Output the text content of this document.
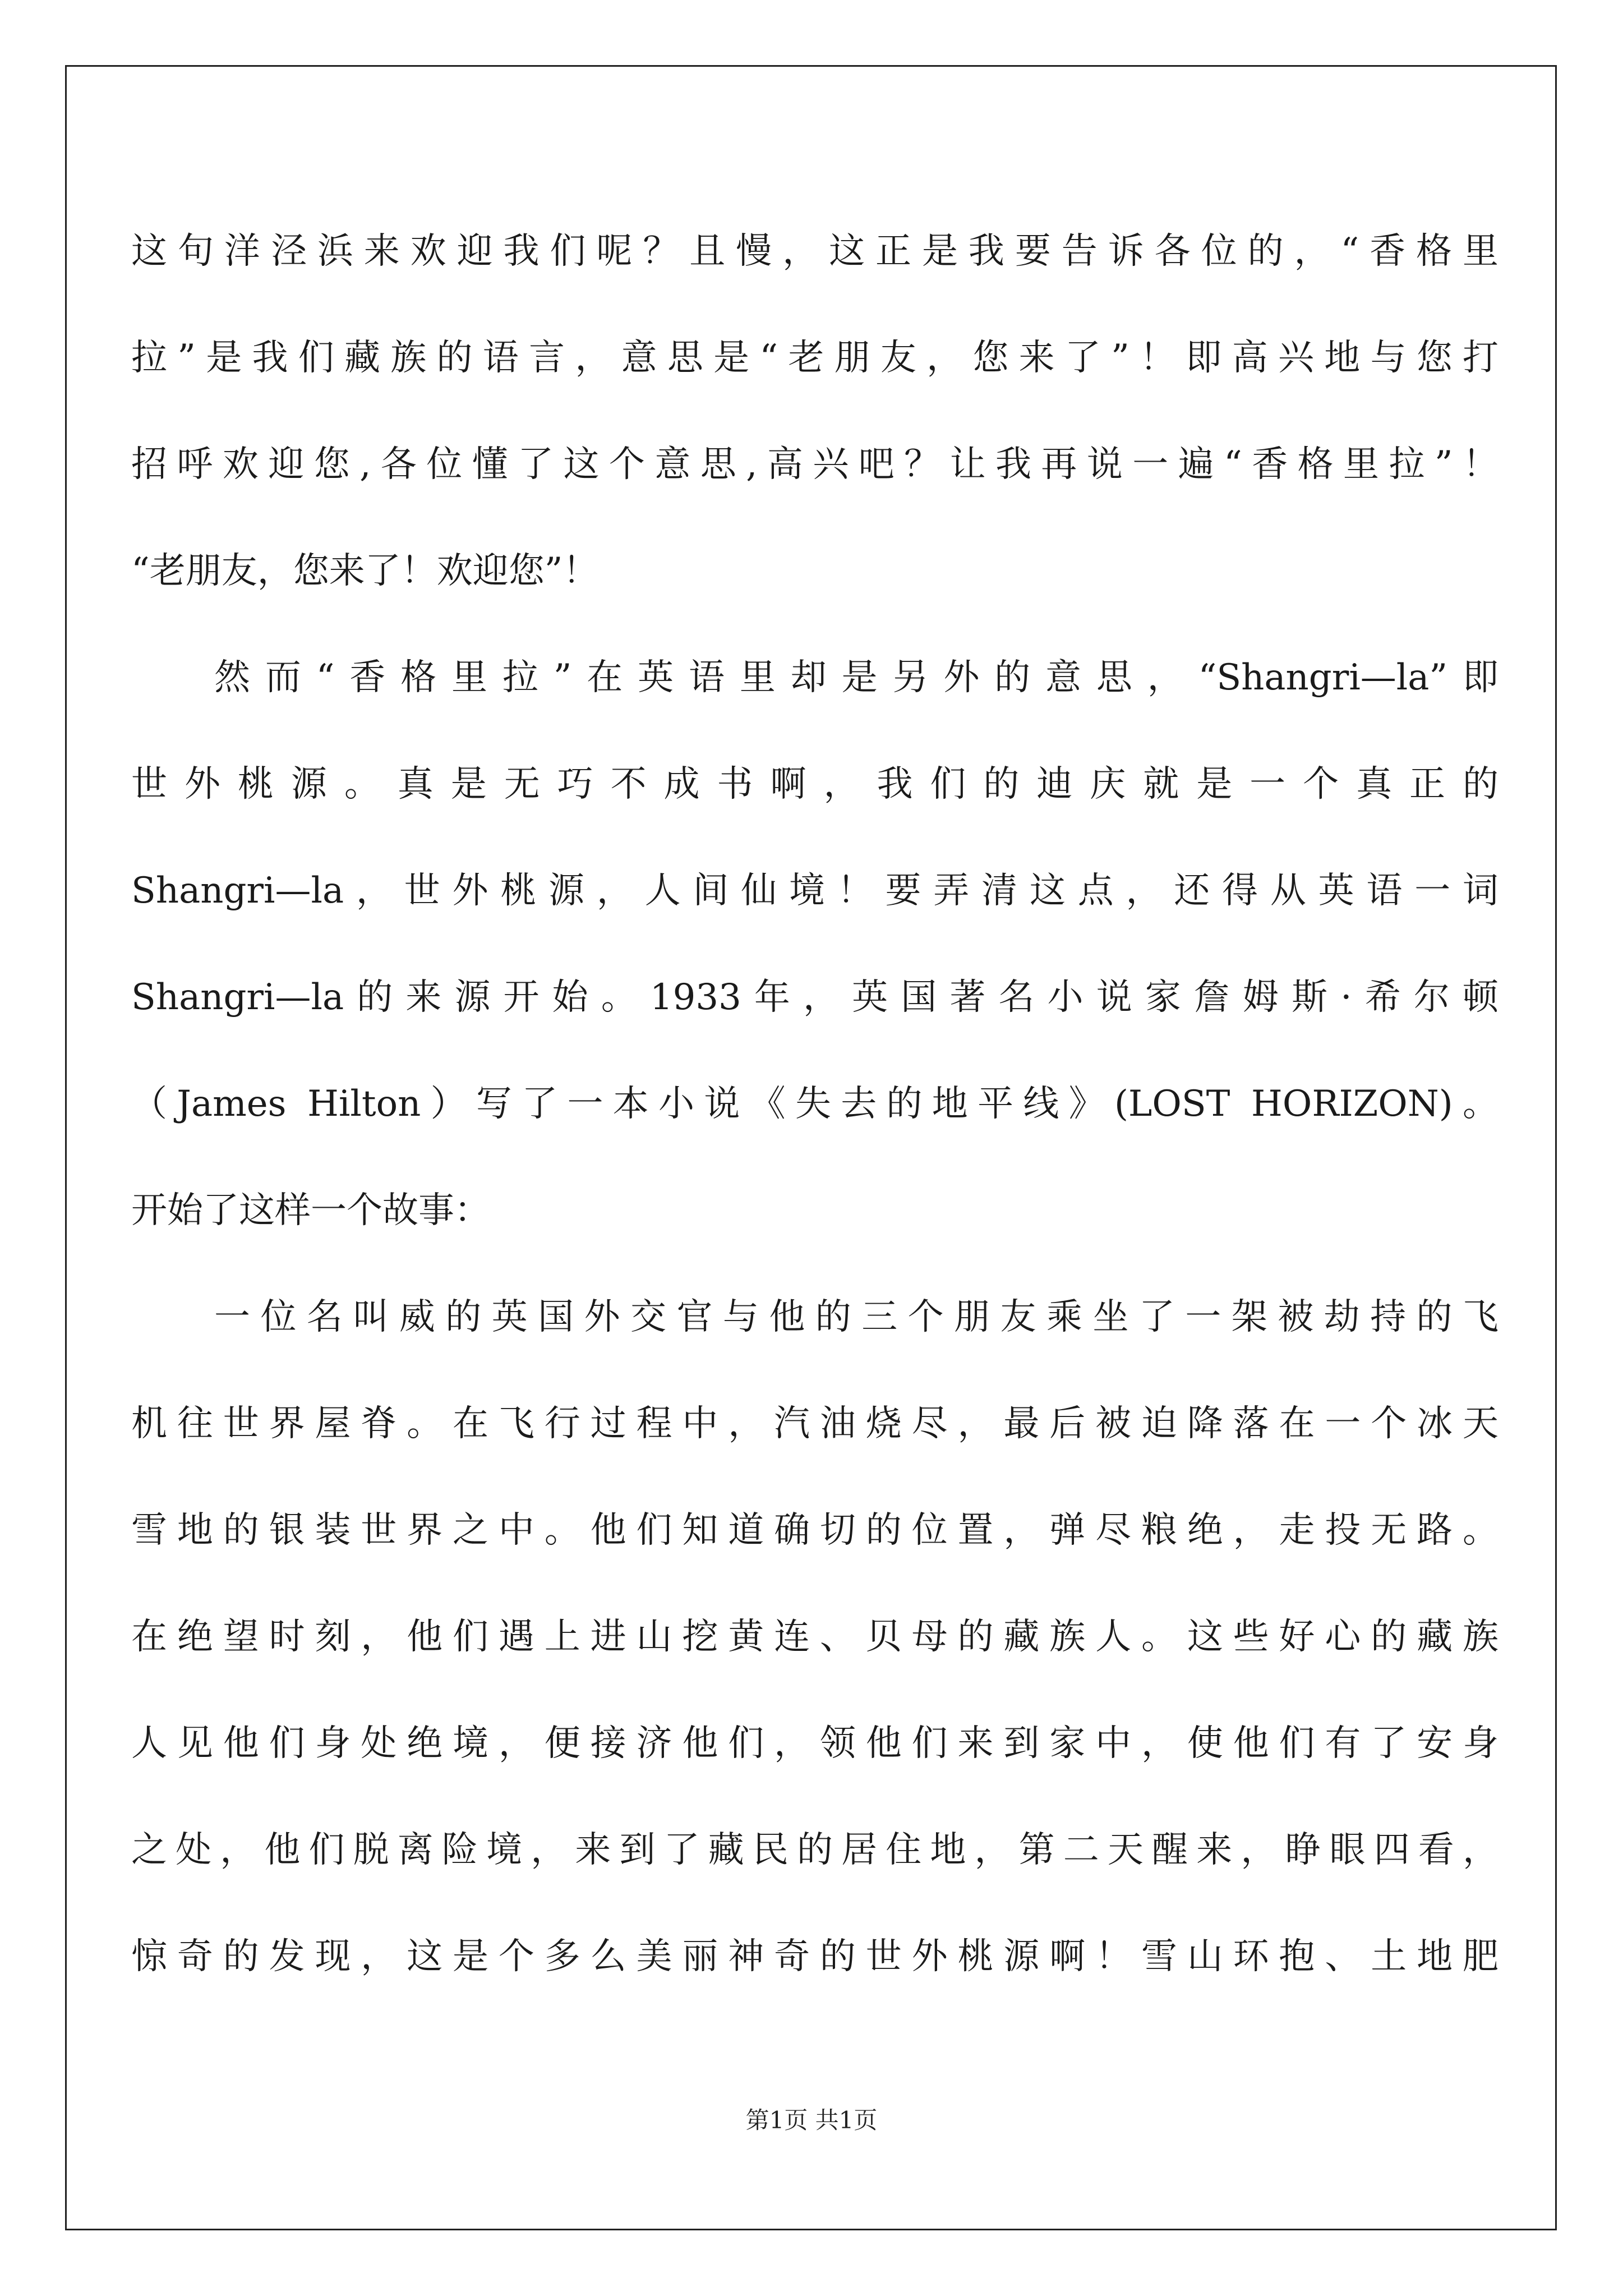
这句洋泾浜来欢迎我们呢？且慢，这正是我要告诉各位的，“香格里
拉”是我们藏族的语言，意思是“老朋友，您来了”！即高兴地与您打
招呼欢迎您,各位懂了这个意思,高兴吧？让我再说一遍“香格里拉”！
“老朋友，您来了！欢迎您”！
然而“香格里拉”在英语里却是另外的意思，“Shangri—la”即
世外桃源。真是无巧不成书啊，我们的迪庆就是一个真正的
Shangri—la，世外桃源，人间仙境！要弄清这点，还得从英语一词
Shangri—la的来源开始。1933年，英国著名小说家詹姆斯·希尔顿
（James Hilton）写了一本小说《失去的地平线》(LOST HORIZON)。
开始了这样一个故事：
一位名叫威的英国外交官与他的三个朋友乘坐了一架被劫持的飞
机往世界屋脊。在飞行过程中，汽油烧尽，最后被迫降落在一个冰天
雪地的银装世界之中。他们知道确切的位置，弹尽粮绝，走投无路。
在绝望时刻，他们遇上进山挖黄连、贝母的藏族人。这些好心的藏族
人见他们身处绝境，便接济他们，领他们来到家中，使他们有了安身
之处，他们脱离险境，来到了藏民的居住地，第二天醒来，睁眼四看，
惊奇的发现，这是个多么美丽神奇的世外桃源啊！雪山环抱、土地肥
第1页 共1页
